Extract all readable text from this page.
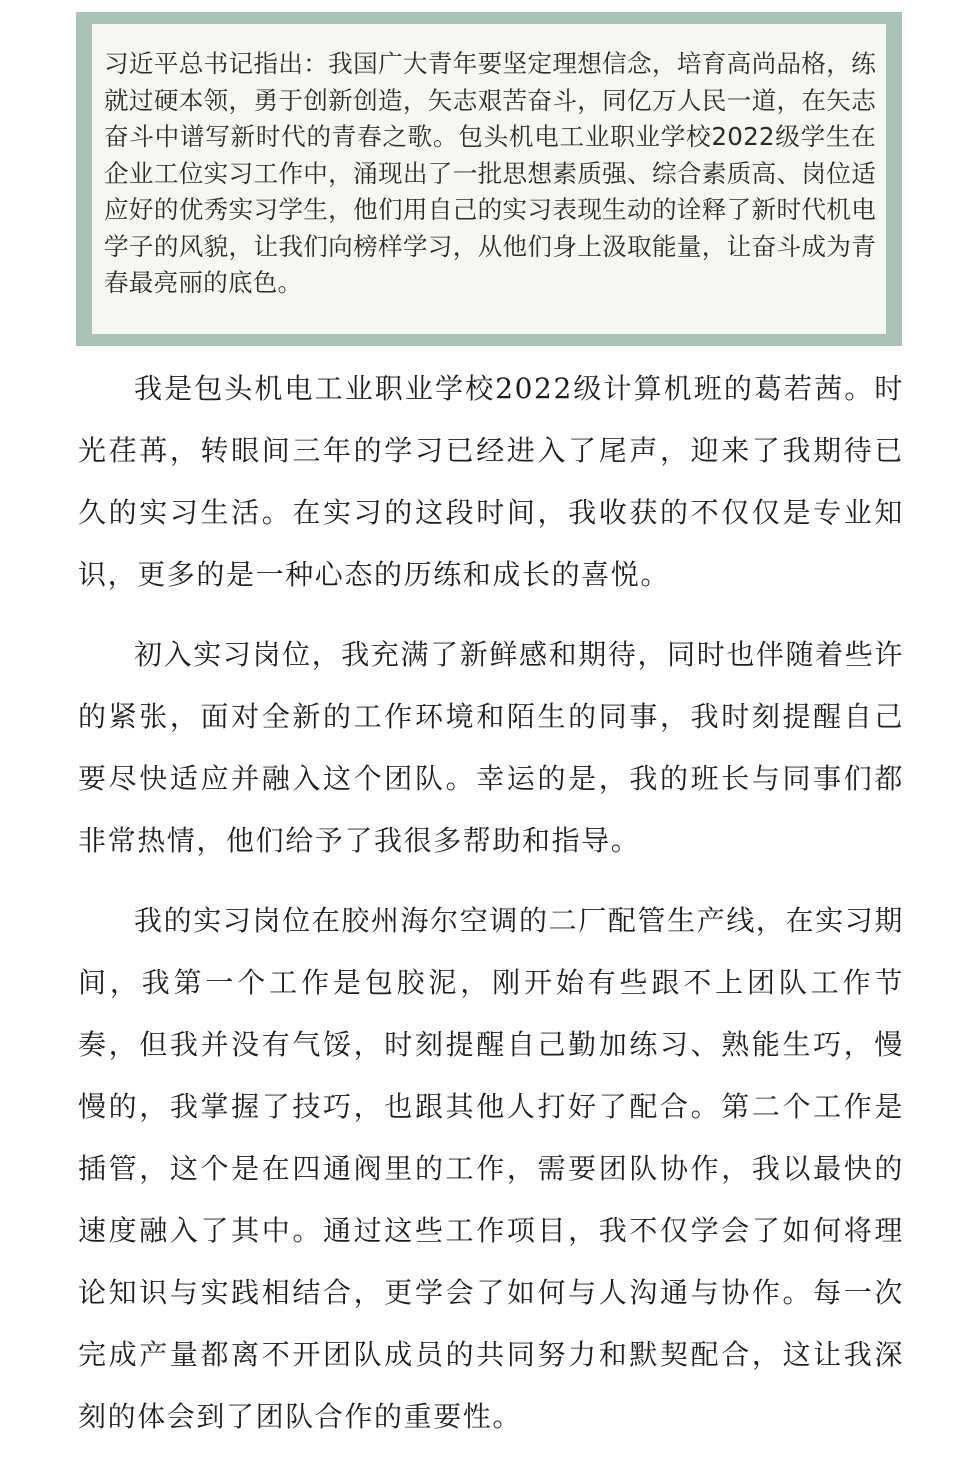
习近平总书记指出：我国广大青年要坚定理想信念，培育高尚品格，练就过硬本领，勇于创新创造，矢志艰苦奋斗，同亿万人民一道，在矢志奋斗中谱写新时代的青春之歌。包头机电工业职业学校2022级学生在企业工位实习工作中，涌现出了一批思想素质强、综合素质高、岗位适应好的优秀实习学生，他们用自己的实习表现生动的诠释了新时代机电学子的风貌，让我们向榜样学习，从他们身上汲取能量，让奋斗成为青春最亮丽的底色。

我是包头机电工业职业学校2022级计算机班的葛若茜。时光荏苒，转眼间三年的学习已经进入了尾声，迎来了我期待已久的实习生活。在实习的这段时间，我收获的不仅仅是专业知识，更多的是一种心态的历练和成长的喜悦。

初入实习岗位，我充满了新鲜感和期待，同时也伴随着些许的紧张，面对全新的工作环境和陌生的同事，我时刻提醒自己要尽快适应并融入这个团队。幸运的是，我的班长与同事们都非常热情，他们给予了我很多帮助和指导。

我的实习岗位在胶州海尔空调的二厂配管生产线，在实习期间，我第一个工作是包胶泥，刚开始有些跟不上团队工作节奏，但我并没有气馁，时刻提醒自己勤加练习、熟能生巧，慢慢的，我掌握了技巧，也跟其他人打好了配合。第二个工作是插管，这个是在四通阀里的工作，需要团队协作，我以最快的速度融入了其中。通过这些工作项目，我不仅学会了如何将理论知识与实践相结合，更学会了如何与人沟通与协作。每一次完成产量都离不开团队成员的共同努力和默契配合，这让我深刻的体会到了团队合作的重要性。
